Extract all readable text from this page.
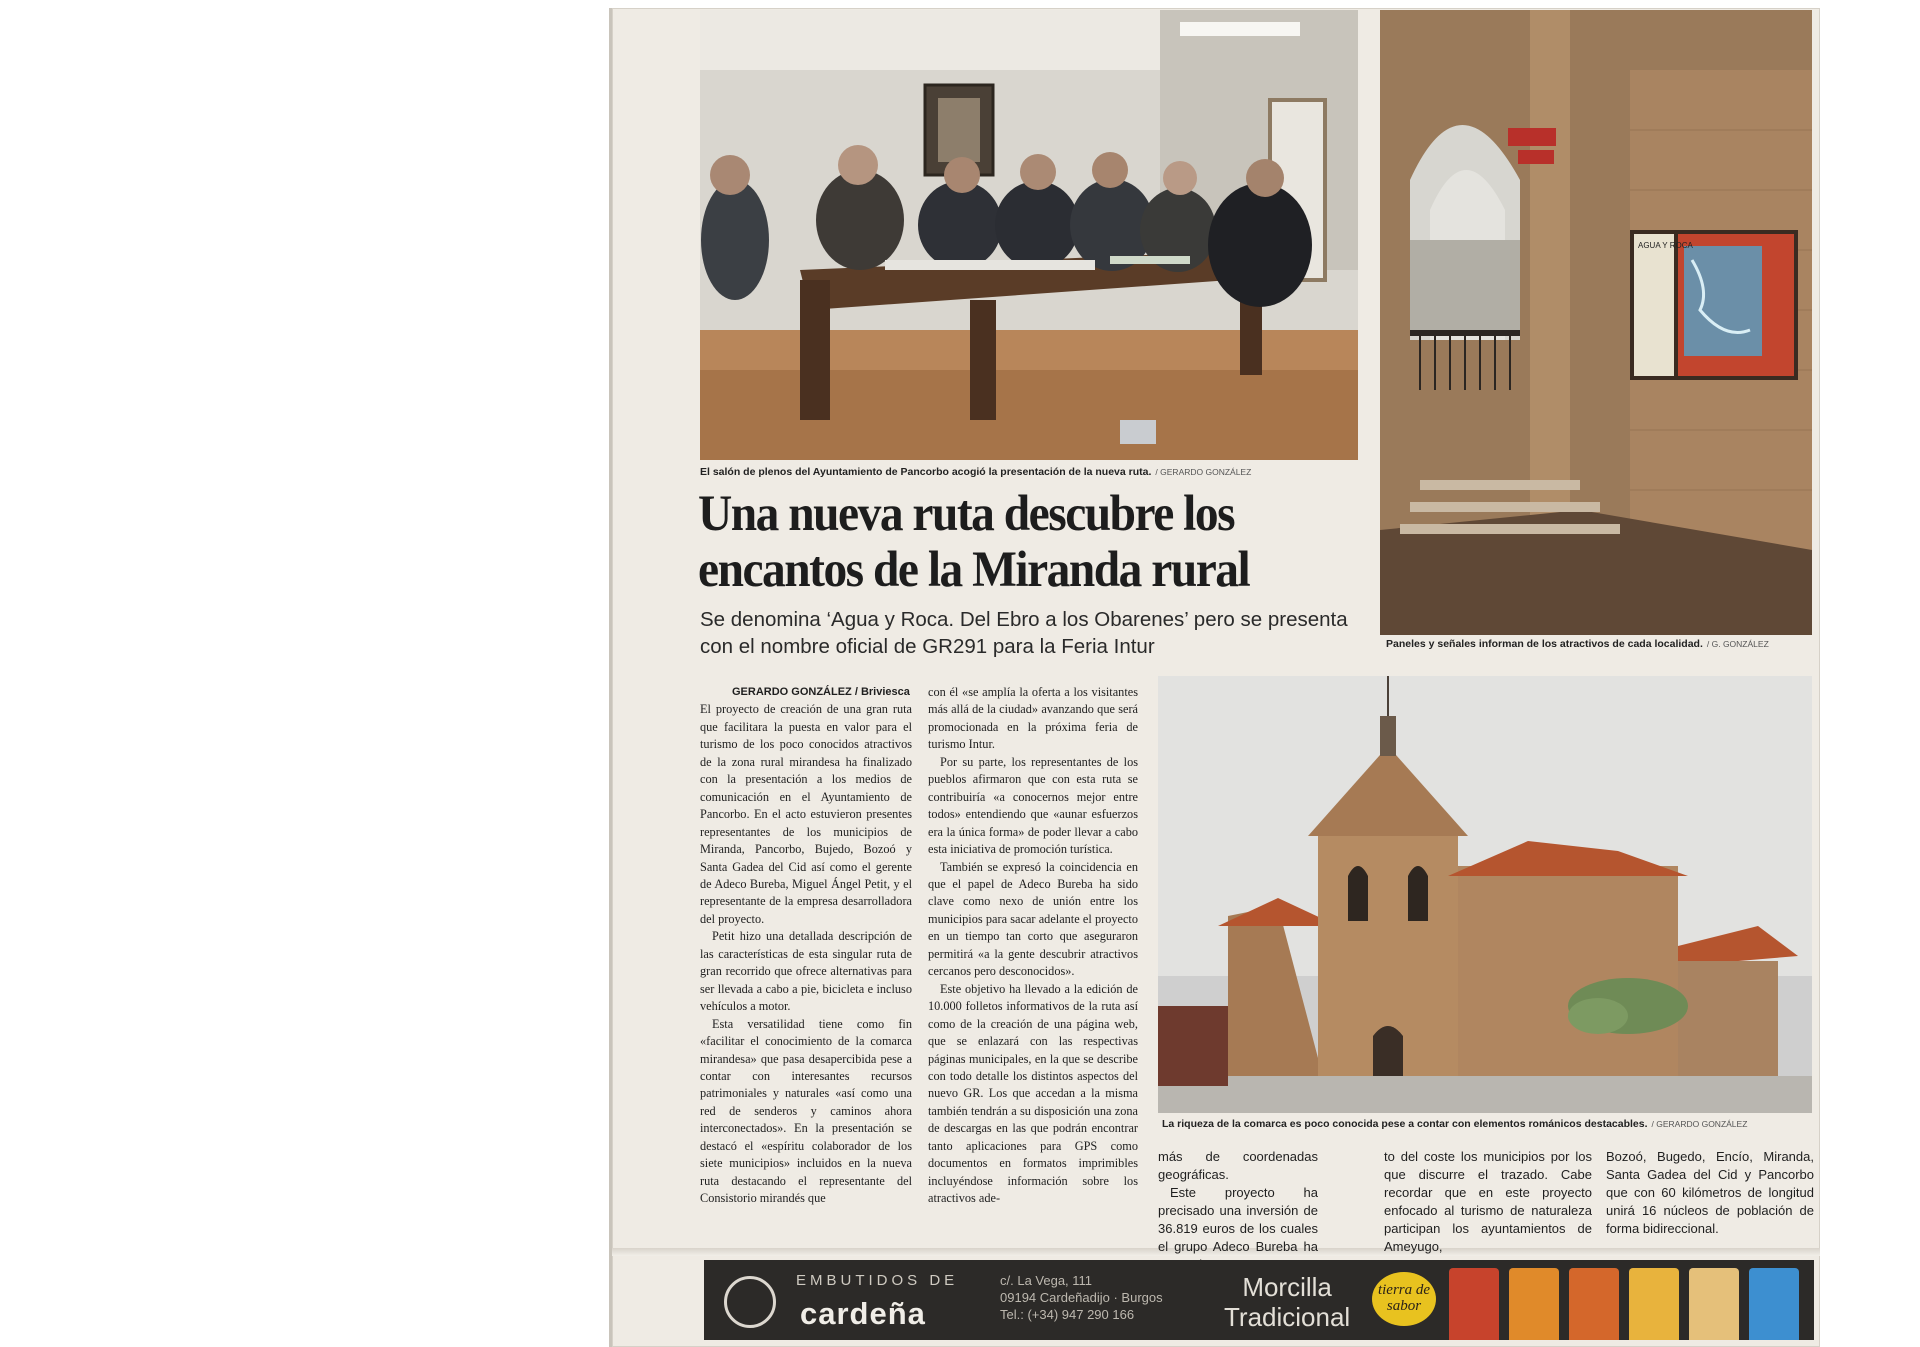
El salón de plenos del Ayuntamiento de Pancorbo acogió la presentación de la nueva ruta. / GERARDO GONZÁLEZ
AGUA Y ROCA
Paneles y señales informan de los atractivos de cada localidad. / G. GONZÁLEZ
Una nueva ruta descubre los encantos de la Miranda rural

Se denomina ‘Agua y Roca. Del Ebro a los Obarenes’ pero se presenta con el nombre oficial de GR291 para la Feria Intur

GERARDO GONZÁLEZ / Briviesca

El proyecto de creación de una gran ruta que facilitara la puesta en valor para el turismo de los poco conocidos atractivos de la zona rural mirandesa ha finalizado con la presentación a los medios de comunicación en el Ayuntamiento de Pancorbo. En el acto estuvieron presentes representantes de los municipios de Miranda, Pancorbo, Bujedo, Bozoó y Santa Gadea del Cid así como el gerente de Adeco Bureba, Miguel Ángel Petit, y el representante de la empresa desarrolladora del proyecto.

Petit hizo una detallada descripción de las características de esta singular ruta de gran recorrido que ofrece alternativas para ser llevada a cabo a pie, bicicleta e incluso vehículos a motor.

Esta versatilidad tiene como fin «facilitar el conocimiento de la comarca mirandesa» que pasa desapercibida pese a contar con interesantes recursos patrimoniales y naturales «así como una red de senderos y caminos ahora interconectados». En la presentación se destacó el «espíritu colaborador de los siete municipios» incluidos en la nueva ruta destacando el representante del Consistorio mirandés que

con él «se amplía la oferta a los visitantes más allá de la ciudad» avanzando que será promocionada en la próxima feria de turismo Intur.

Por su parte, los representantes de los pueblos afirmaron que con esta ruta se contribuiría «a conocernos mejor entre todos» entendiendo que «aunar esfuerzos era la única forma» de poder llevar a cabo esta iniciativa de promoción turística.

También se expresó la coincidencia en que el papel de Adeco Bureba ha sido clave como nexo de unión entre los municipios para sacar adelante el proyecto en un tiempo tan corto que aseguraron permitirá «a la gente descubrir atractivos cercanos pero desconocidos».

Este objetivo ha llevado a la edición de 10.000 folletos informativos de la ruta así como de la creación de una página web, que se enlazará con las respectivas páginas municipales, en la que se describe con todo detalle los distintos aspectos del nuevo GR. Los que accedan a la misma también tendrán a su disposición una zona de descargas en las que podrán encontrar tanto aplicaciones para GPS como documentos en formatos imprimibles incluyéndose información sobre los atractivos ade-

La riqueza de la comarca es poco conocida pese a contar con elementos románicos destacables. / GERARDO GONZÁLEZ

más de coordenadas geográficas.

Este proyecto ha precisado una inversión de 36.819 euros de los cuales el grupo Adeco Bureba ha

to del coste los municipios por los que discurre el trazado. Cabe recordar que en este proyecto enfocado al turismo de naturaleza participan los ayuntamientos de Ameyugo,

Bozoó, Bugedo, Encío, Miranda, Santa Gadea del Cid y Pancorbo que con 60 kilómetros de longitud unirá 16 núcleos de población de forma bidireccional.

EMBUTIDOS DE
cardeña
c/. La Vega, 111
09194 Cardeñadijo · Burgos
Tel.: (+34) 947 290 166
Morcilla
Tradicional
tierra de sabor
